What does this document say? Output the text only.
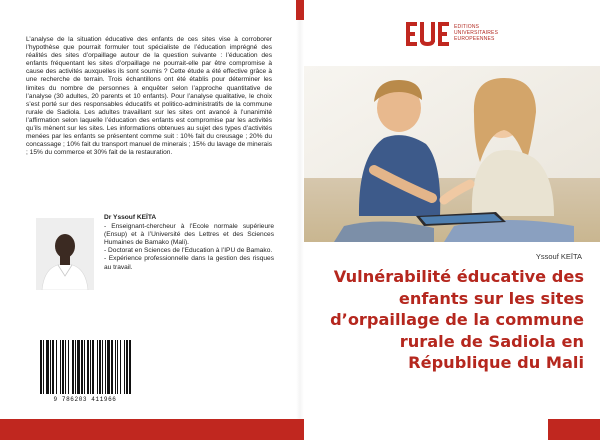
L’analyse de la situation éducative des enfants de ces sites vise à corroborer l’hypothèse que pourrait formuler tout spécialiste de l’éducation imprégné des réalités des sites d’orpaillage autour de la question suivante : l’éducation des enfants fréquentant les sites d’orpaillage ne pourrait-elle par être compromise à cause des activités auxquelles ils sont soumis ? Cette étude a été effective grâce à une recherche de terrain. Trois échantillons ont été établis pour déterminer les limites du nombre de personnes à enquêter selon l’approche quantitative de l’analyse (30 adultes, 20 parents et 10 enfants). Pour l’analyse qualitative, le choix s’est porté sur des responsables éducatifs et politico-administratifs de la commune rurale de Sadiola. Les adultes travaillant sur les sites ont avancé à l’unanimité l’affirmation selon laquelle l’éducation des enfants est compromise par les activités qu’ils mènent sur les sites. Les informations obtenues au sujet des types d’activités menées par les enfants se présentent comme suit : 10% fait du creusage ; 20% du concassage ; 10% fait du transport manuel de minerais ; 15% du lavage de minerais ; 15% du commerce et 30% fait de la restauration.

Dr Yssouf KEÏTA

- Enseignant-chercheur à l’Ecole normale supérieure (Ensup) et à l’Université des Lettres et des Sciences Humaines de Bamako (Mali).

- Doctorat en Sciences de l’Education à l’IPU de Bamako.

- Expérience professionnelle dans la gestion des risques au travail.

9 786203 411966
EDITIONS
UNIVERSITAIRES
EUROPEENNES
Yssouf KEÏTA
Vulnérabilité éducative des enfants sur les sites d’orpaillage de la commune rurale de Sadiola en République du Mali
